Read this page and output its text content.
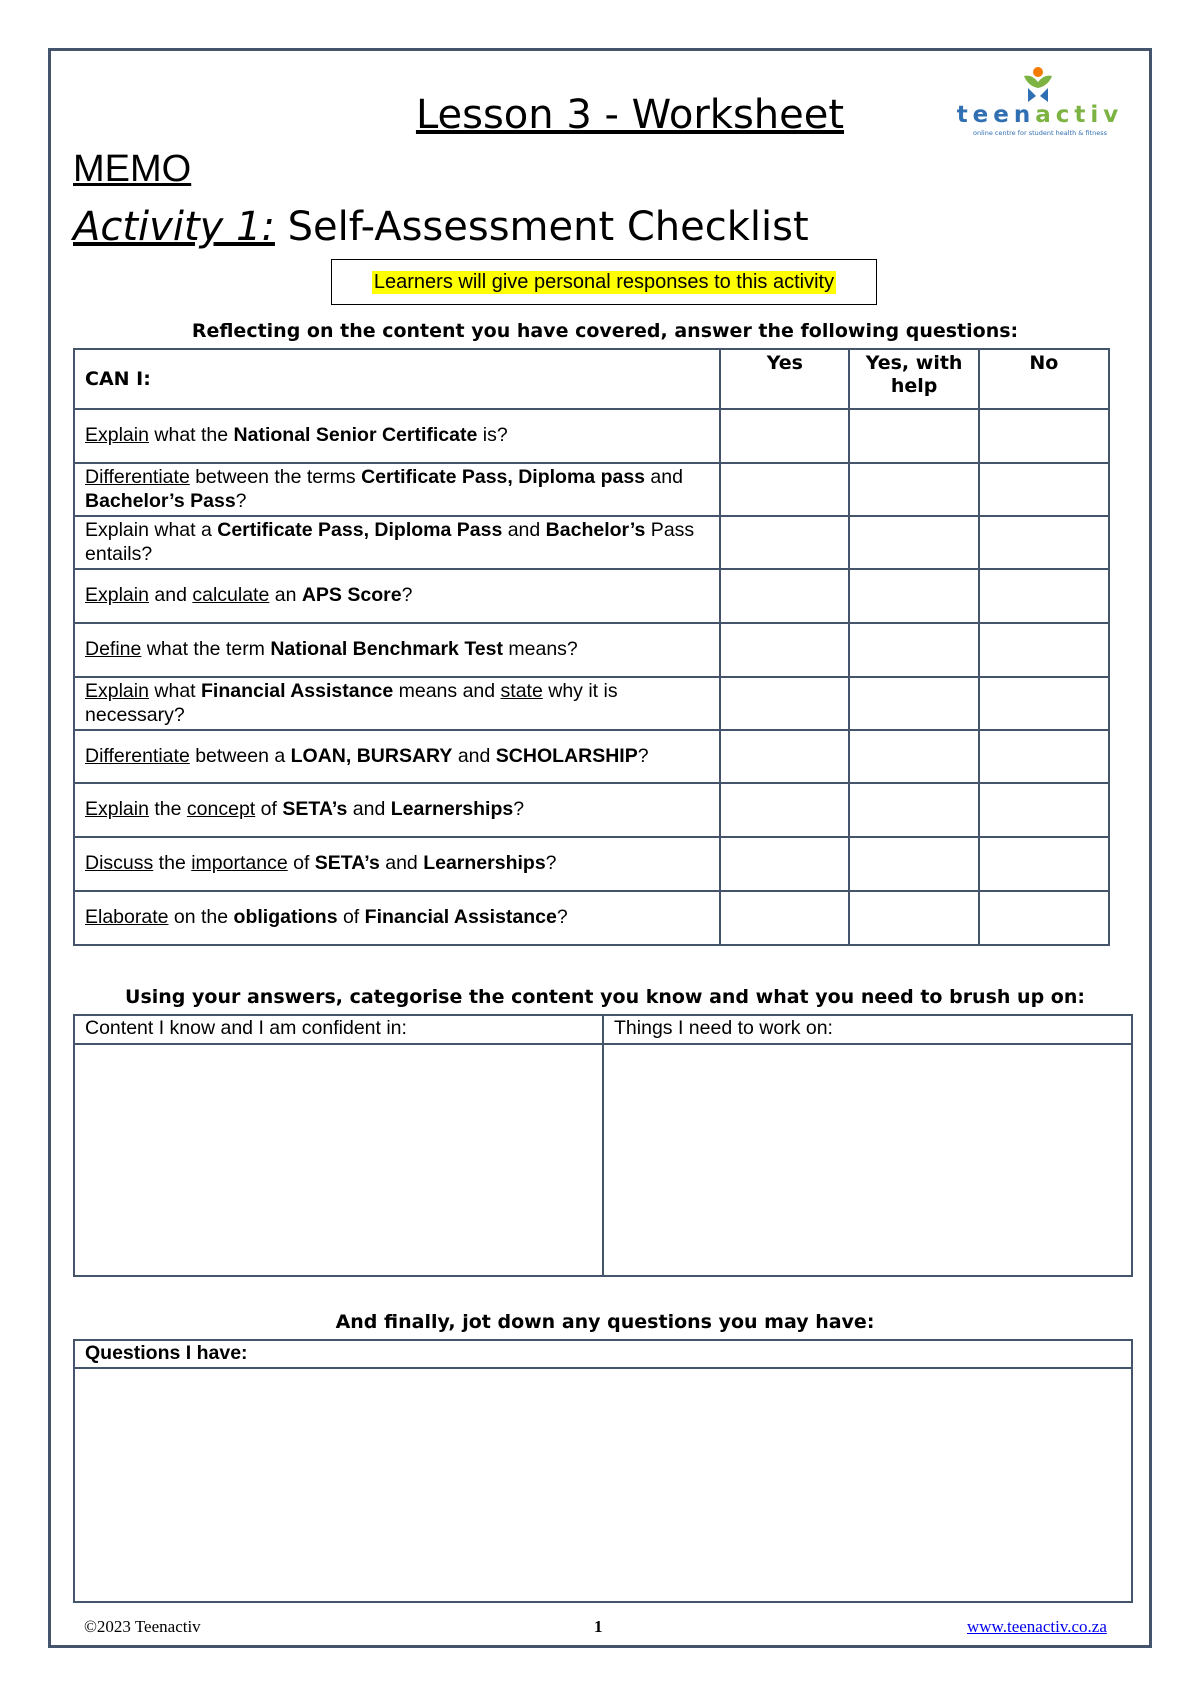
Lesson 3 - Worksheet	teenactiv
online centre for student health & fitness
MEMO
Activity 1: Self-Assessment Checklist
Learners will give personal responses to this activity
Reflecting on the content you have covered, answer the following questions:
CAN I:	Yes	Yes, with help	No
Explain what the National Senior Certificate is?			
Differentiate between the terms Certificate Pass, Diploma pass and Bachelor’s Pass?			
Explain what a Certificate Pass, Diploma Pass and Bachelor’s Pass entails?			
Explain and calculate an APS Score?			
Define what the term National Benchmark Test means?			
Explain what Financial Assistance means and state why it is necessary?			
Differentiate between a LOAN, BURSARY and SCHOLARSHIP?			
Explain the concept of SETA’s and Learnerships?			
Discuss the importance of SETA’s and Learnerships?			
Elaborate on the obligations of Financial Assistance?			
Using your answers, categorise the content you know and what you need to brush up on:
Content I know and I am confident in:	Things I need to work on:

And finally, jot down any questions you may have:
Questions I have:

©2023 Teenactiv	1	www.teenactiv.co.za
